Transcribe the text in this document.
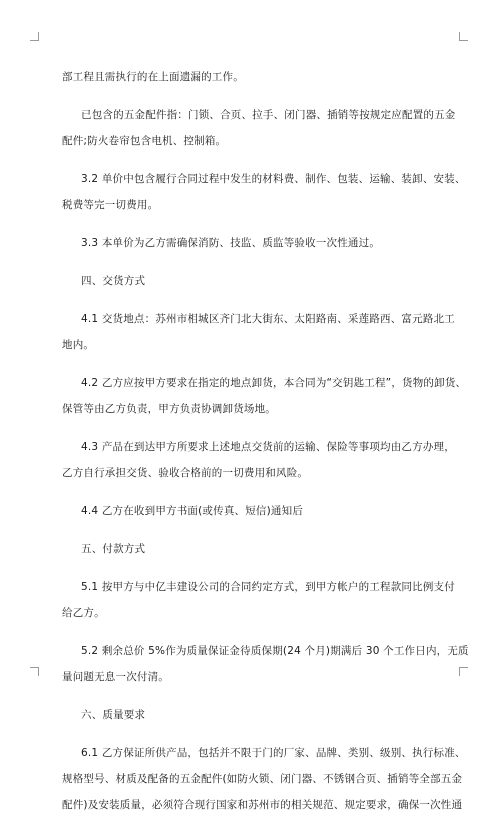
部工程且需执行的在上面遗漏的工作。
已包含的五金配件指：门锁、合页、拉手、闭门器、插销等按规定应配置的五金
配件;防火卷帘包含电机、控制箱。
3.2 单价中包含履行合同过程中发生的材料费、制作、包装、运输、装卸、安装、
税费等完一切费用。
3.3 本单价为乙方需确保消防、技监、质监等验收一次性通过。
四、交货方式
4.1 交货地点：苏州市相城区齐门北大街东、太阳路南、采莲路西、富元路北工
地内。
4.2 乙方应按甲方要求在指定的地点卸货，本合同为“交钥匙工程”，货物的卸货、
保管等由乙方负责，甲方负责协调卸货场地。
4.3 产品在到达甲方所要求上述地点交货前的运输、保险等事项均由乙方办理，
乙方自行承担交货、验收合格前的一切费用和风险。
4.4 乙方在收到甲方书面(或传真、短信)通知后
五、付款方式
5.1 按甲方与中亿丰建设公司的合同约定方式，到甲方帐户的工程款同比例支付
给乙方。
5.2 剩余总价 5%作为质量保证金待质保期(24 个月)期满后 30 个工作日内，无质
量问题无息一次付清。
六、质量要求
6.1 乙方保证所供产品，包括并不限于门的厂家、品牌、类别、级别、执行标准、
规格型号、材质及配备的五金配件(如防火锁、闭门器、不锈钢合页、插销等全部五金
配件)及安装质量，必须符合现行国家和苏州市的相关规范、规定要求，确保一次性通
